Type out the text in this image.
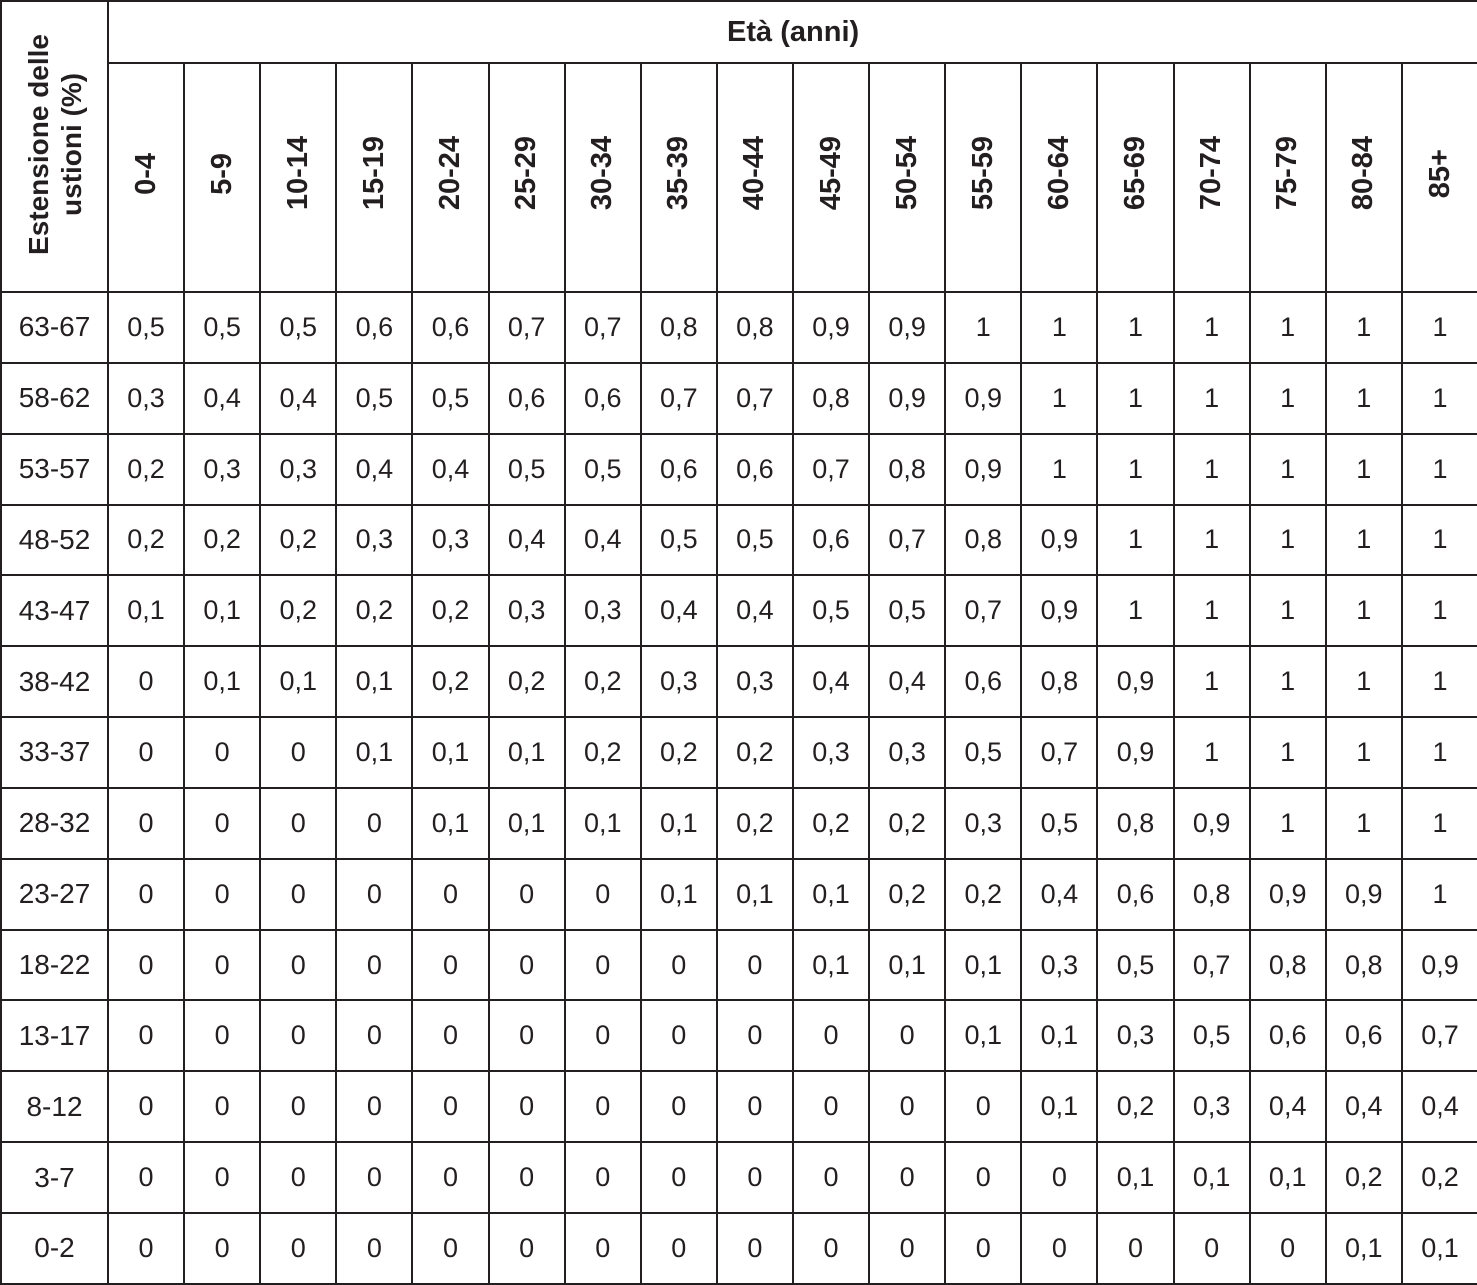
Estensione delle
ustioni (%)	Età (anni)																	
	0-4	5-9	10-14	15-19	20-24	25-29	30-34	35-39	40-44	45-49	50-54	55-59	60-64	65-69	70-74	75-79	80-84	85+
63-67	0,5	0,5	0,5	0,6	0,6	0,7	0,7	0,8	0,8	0,9	0,9	1	1	1	1	1	1	1
58-62	0,3	0,4	0,4	0,5	0,5	0,6	0,6	0,7	0,7	0,8	0,9	0,9	1	1	1	1	1	1
53-57	0,2	0,3	0,3	0,4	0,4	0,5	0,5	0,6	0,6	0,7	0,8	0,9	1	1	1	1	1	1
48-52	0,2	0,2	0,2	0,3	0,3	0,4	0,4	0,5	0,5	0,6	0,7	0,8	0,9	1	1	1	1	1
43-47	0,1	0,1	0,2	0,2	0,2	0,3	0,3	0,4	0,4	0,5	0,5	0,7	0,9	1	1	1	1	1
38-42	0	0,1	0,1	0,1	0,2	0,2	0,2	0,3	0,3	0,4	0,4	0,6	0,8	0,9	1	1	1	1
33-37	0	0	0	0,1	0,1	0,1	0,2	0,2	0,2	0,3	0,3	0,5	0,7	0,9	1	1	1	1
28-32	0	0	0	0	0,1	0,1	0,1	0,1	0,2	0,2	0,2	0,3	0,5	0,8	0,9	1	1	1
23-27	0	0	0	0	0	0	0	0,1	0,1	0,1	0,2	0,2	0,4	0,6	0,8	0,9	0,9	1
18-22	0	0	0	0	0	0	0	0	0	0,1	0,1	0,1	0,3	0,5	0,7	0,8	0,8	0,9
13-17	0	0	0	0	0	0	0	0	0	0	0	0,1	0,1	0,3	0,5	0,6	0,6	0,7
8-12	0	0	0	0	0	0	0	0	0	0	0	0	0,1	0,2	0,3	0,4	0,4	0,4
3-7	0	0	0	0	0	0	0	0	0	0	0	0	0	0,1	0,1	0,1	0,2	0,2
0-2	0	0	0	0	0	0	0	0	0	0	0	0	0	0	0	0	0,1	0,1
